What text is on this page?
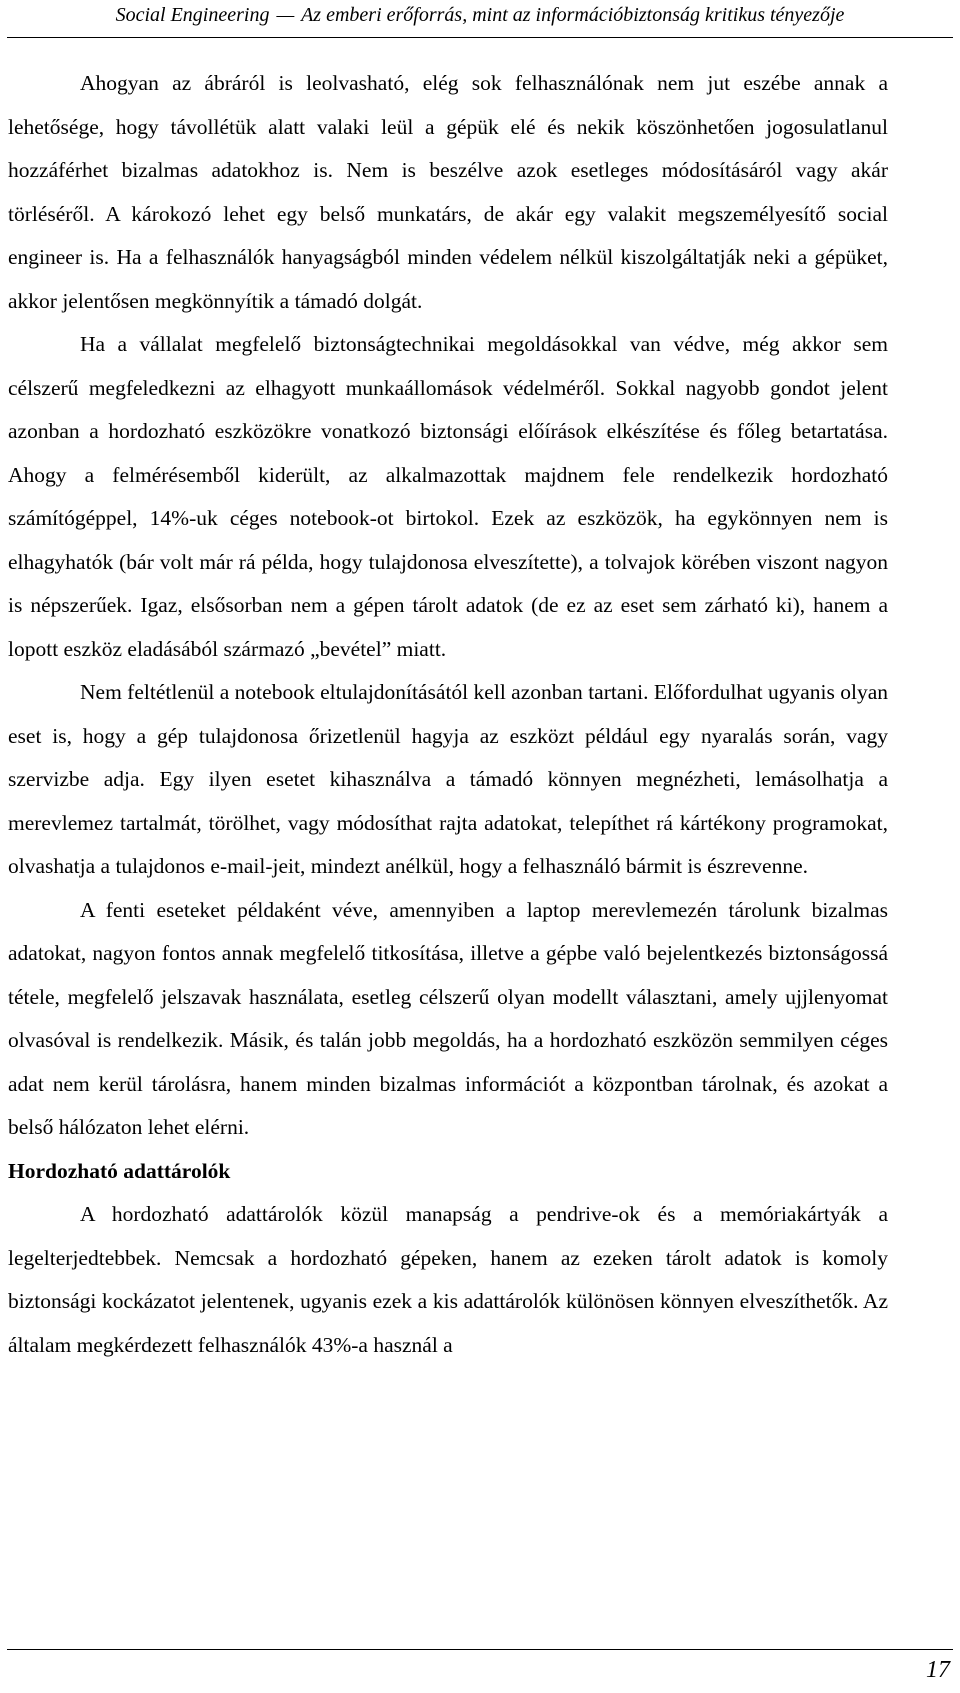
Social Engineering — Az emberi erőforrás, mint az információbiztonság kritikus tényezője

Ahogyan az ábráról is leolvasható, elég sok felhasználónak nem jut eszébe annak a lehetősége, hogy távollétük alatt valaki leül a gépük elé és nekik köszönhetően jogosulatlanul hozzáférhet bizalmas adatokhoz is. Nem is beszélve azok esetleges módosításáról vagy akár törléséről. A károkozó lehet egy belső munkatárs, de akár egy valakit megszemélyesítő social engineer is. Ha a felhasználók hanyagságból minden védelem nélkül kiszolgáltatják neki a gépüket, akkor jelentősen megkönnyítik a támadó dolgát.

Ha a vállalat megfelelő biztonságtechnikai megoldásokkal van védve, még akkor sem célszerű megfeledkezni az elhagyott munkaállomások védelméről. Sokkal nagyobb gondot jelent azonban a hordozható eszközökre vonatkozó biztonsági előírások elkészítése és főleg betartatása. Ahogy a felmérésemből kiderült, az alkalmazottak majdnem fele rendelkezik hordozható számítógéppel, 14%-uk céges notebook-ot birtokol. Ezek az eszközök, ha egykönnyen nem is elhagyhatók (bár volt már rá példa, hogy tulajdonosa elveszítette), a tolvajok körében viszont nagyon is népszerűek. Igaz, elsősorban nem a gépen tárolt adatok (de ez az eset sem zárható ki), hanem a lopott eszköz eladásából származó „bevétel” miatt.

Nem feltétlenül a notebook eltulajdonításától kell azonban tartani. Előfordulhat ugyanis olyan eset is, hogy a gép tulajdonosa őrizetlenül hagyja az eszközt például egy nyaralás során, vagy szervizbe adja. Egy ilyen esetet kihasználva a támadó könnyen megnézheti, lemásolhatja a merevlemez tartalmát, törölhet, vagy módosíthat rajta adatokat, telepíthet rá kártékony programokat, olvashatja a tulajdonos e-mail-jeit, mindezt anélkül, hogy a felhasználó bármit is észrevenne.

A fenti eseteket példaként véve, amennyiben a laptop merevlemezén tárolunk bizalmas adatokat, nagyon fontos annak megfelelő titkosítása, illetve a gépbe való bejelentkezés biztonságossá tétele, megfelelő jelszavak használata, esetleg célszerű olyan modellt választani, amely ujjlenyomat olvasóval is rendelkezik. Másik, és talán jobb megoldás, ha a hordozható eszközön semmilyen céges adat nem kerül tárolásra, hanem minden bizalmas információt a központban tárolnak, és azokat a belső hálózaton lehet elérni.

Hordozható adattárolók

A hordozható adattárolók közül manapság a pendrive-ok és a memóriakártyák a legelterjedtebbek. Nemcsak a hordozható gépeken, hanem az ezeken tárolt adatok is komoly biztonsági kockázatot jelentenek, ugyanis ezek a kis adattárolók különösen könnyen elveszíthetők. Az általam megkérdezett felhasználók 43%-a használ a

17
